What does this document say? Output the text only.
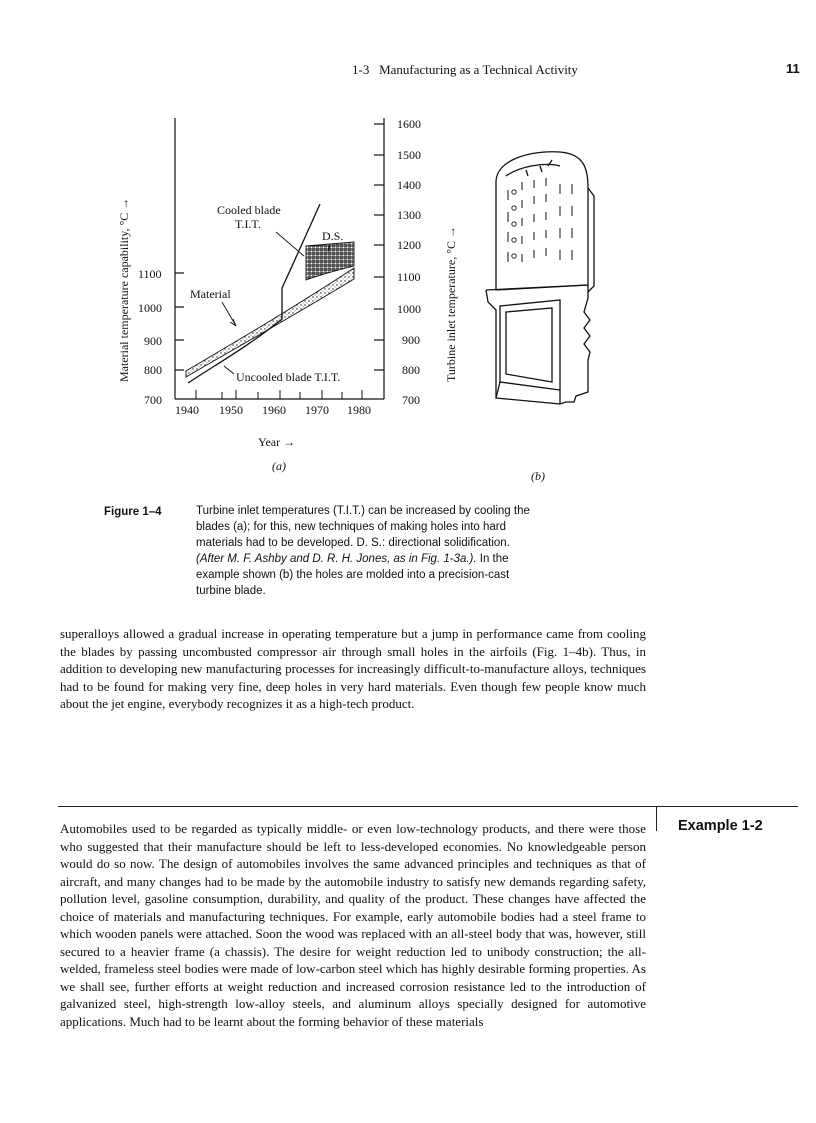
1-3   Manufacturing as a Technical Activity	11
Material temperature capability, °C → 1100
1000
900
800
700
1940 1950 1960 1970 1980
Year →
1600
1500
1400
1300
1200
1100
1000
900
800
700
Turbine inlet temperature, °C →
Cooled blade
T.I.T.
D.S.
Material
Uncooled blade T.I.T.
(a)
(b)
Figure 1–4	Turbine inlet temperatures (T.I.T.) can be increased by cooling the
blades (a); for this, new techniques of making holes into hard
materials had to be developed. D. S.: directional solidification.
(After M. F. Ashby and D. R. H. Jones, as in Fig. 1-3a.). In the
example shown (b) the holes are molded into a precision-cast
turbine blade.
superalloys allowed a gradual increase in operating temperature but a jump in performance came from cooling the blades by passing uncombusted compressor air through small holes in the airfoils (Fig. 1–4b). Thus, in addition to developing new manufacturing processes for increasingly difficult-to-manufacture alloys, techniques had to be found for making very fine, deep holes in very hard materials. Even though few people know much about the jet engine, everybody recognizes it as a high-tech product.
Example 1-2
Automobiles used to be regarded as typically middle- or even low-technology products, and there were those who suggested that their manufacture should be left to less-developed economies. No knowledgeable person would do so now. The design of automobiles involves the same advanced principles and techniques as that of aircraft, and many changes had to be made by the automobile industry to satisfy new demands regarding safety, pollution level, gasoline consumption, durability, and quality of the product. These changes have affected the choice of materials and manufacturing techniques. For example, early automobile bodies had a steel frame to which wooden panels were attached. Soon the wood was replaced with an all-steel body that was, however, still secured to a heavier frame (a chassis). The desire for weight reduction led to unibody construction; the all-welded, frameless steel bodies were made of low-carbon steel which has highly desirable forming properties. As we shall see, further efforts at weight reduction and increased corrosion resistance led to the introduction of galvanized steel, high-strength low-alloy steels, and aluminum alloys specially designed for automotive applications. Much had to be learnt about the forming behavior of these materials
